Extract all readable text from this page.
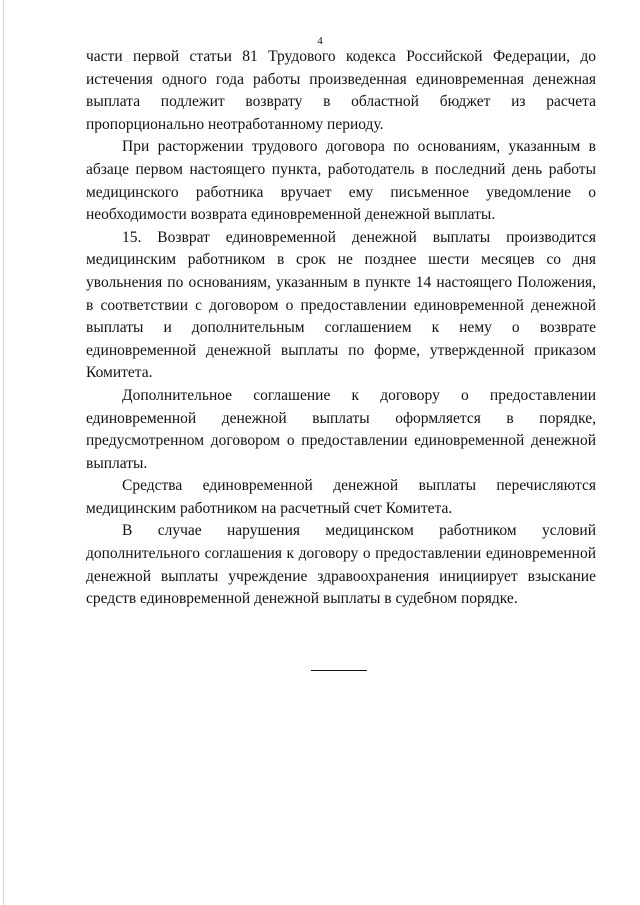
4

части первой статьи 81 Трудового кодекса Российской Федерации, до истечения одного года работы произведенная единовременная денежная выплата подлежит возврату в областной бюджет из расчета пропорционально неотработанному периоду.

При расторжении трудового договора по основаниям, указанным в абзаце первом настоящего пункта, работодатель в последний день работы медицинского работника вручает ему письменное уведомление о необходимости возврата единовременной денежной выплаты.

15. Возврат единовременной денежной выплаты производится медицинским работником в срок не позднее шести месяцев со дня увольнения по основаниям, указанным в пункте 14 настоящего Положения, в соответствии с договором о предоставлении единовременной денежной выплаты и дополнительным соглашением к нему о возврате единовременной денежной выплаты по форме, утвержденной приказом Комитета.

Дополнительное соглашение к договору о предоставлении единовременной денежной выплаты оформляется в порядке, предусмотренном договором о предоставлении единовременной денежной выплаты.

Средства единовременной денежной выплаты перечисляются медицинским работником на расчетный счет Комитета.

В случае нарушения медицинском работником условий дополнительного соглашения к договору о предоставлении единовременной денежной выплаты учреждение здравоохранения инициирует взыскание средств единовременной денежной выплаты в судебном порядке.
